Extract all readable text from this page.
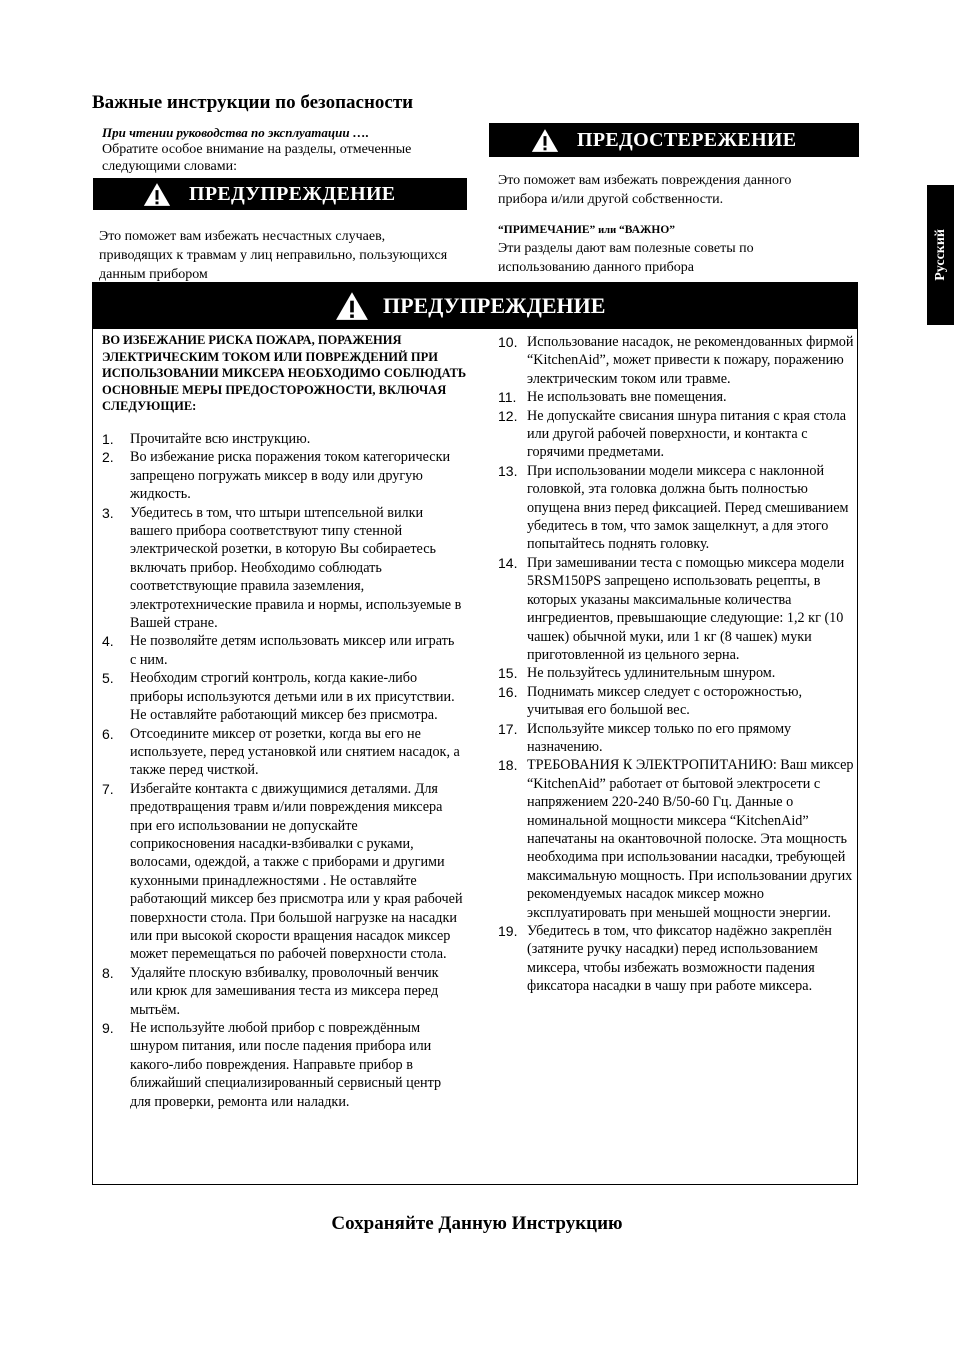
Важные инструкции по безопасности
При чтении руководства по эксплуатации ….
Обратите особое внимание на разделы, отмеченные следующими словами:
ПРЕДУПРЕЖДЕНИЕ
Это поможет вам избежать несчастных случаев, приводящих к травмам у лиц неправильно, пользующихся данным прибором
ПРЕДОСТЕРЕЖЕНИЕ
Это поможет вам избежать повреждения данного прибора и/или другой собственности.
“ПРИМЕЧАНИЕ” или “ВАЖНО”
Эти разделы дают вам полезные советы по использованию данного прибора
ПРЕДУПРЕЖДЕНИЕ
ВО ИЗБЕЖАНИЕ РИСКА ПОЖАРА, ПОРАЖЕНИЯ ЭЛЕКТРИЧЕСКИМ ТОКОМ ИЛИ ПОВРЕЖДЕНИЙ ПРИ ИСПОЛЬЗОВАНИИ МИКСЕРА НЕОБХОДИМО СОБЛЮДАТЬ ОСНОВНЫЕ МЕРЫ ПРЕДОСТОРОЖНОСТИ, ВКЛЮЧАЯ СЛЕДУЮЩИЕ:
1.	Прочитайте всю инструкцию.
2.	Во избежание риска поражения током категорически запрещено погружать миксер в воду или другую жидкость.
3.	Убедитесь в том, что штыри штепсельной вилки вашего прибора соответствуют типу стенной электрической розетки, в которую Вы собираетесь включать прибор. Необходимо соблюдать соответствующие правила заземления, электротехнические правила и нормы, используемые в Вашей стране.
4.	Не позволяйте детям использовать миксер или играть с ним.
5.	Необходим строгий контроль, когда какие-либо приборы используются детьми или в их присутствии. Не оставляйте работающий миксер без присмотра.
6.	Отсоедините миксер от розетки, когда вы его не используете, перед установкой или снятием насадок, а также перед чисткой.
7.	Избегайте контакта с движущимися деталями. Для предотвращения травм и/или повреждения миксера при его использовании не допускайте соприкосновения насадки-взбивалки с руками, волосами, одеждой, а также с приборами и другими кухонными принадлежностями . Не оставляйте работающий миксер без присмотра или у края рабочей поверхности стола. При большой нагрузке на насадки или при высокой скорости вращения насадок миксер может перемещаться по рабочей поверхности стола.
8.	Удаляйте плоскую взбивалку, проволочный венчик или крюк для замешивания теста из миксера перед мытьём.
9.	Не используйте любой прибор с повреждённым шнуром питания, или после падения прибора или какого-либо повреждения. Направьте прибор в ближайший специализированный сервисный центр для проверки, ремонта или наладки.
10. Использование насадок, не рекомендованных фирмой “KitchenAid”, может привести к пожару, поражению электрическим током или травме.
11. Не использовать вне помещения.
12. Не допускайте свисания шнура питания с края стола или другой рабочей поверхности, и контакта с горячими предметами.
13. При использовании модели миксера с наклонной головкой, эта головка должна быть полностью опущена вниз перед фиксацией. Перед смешиванием убедитесь в том, что замок защелкнут, а для этого попытайтесь поднять головку.
14. При замешивании теста с помощью миксера модели 5RSM150PS запрещено использовать рецепты, в которых указаны максимальные количества ингредиентов, превышающие следующие: 1,2 кг (10 чашек) обычной муки, или 1 кг (8 чашек) муки приготовленной из цельного зерна.
15. Не пользуйтесь удлинительным шнуром.
16. Поднимать миксер следует с осторожностью, учитывая его большой вес.
17. Используйте миксер только по его прямому назначению.
18. ТРЕБОВАНИЯ К ЭЛЕКТРОПИТАНИЮ: Ваш миксер “KitchenAid” работает от бытовой электросети с напряжением 220-240 В/50-60 Гц. Данные о номинальной мощности миксера “KitchenAid” напечатаны на окантовочной полоске. Эта мощность необходима при использовании насадки, требующей максимальную мощность. При использовании других рекомендуемых насадок миксер можно эксплуатировать при меньшей мощности энергии.
19. Убедитесь в том, что фиксатор надёжно закреплён (затяните ручку насадки) перед использованием миксера, чтобы избежать возможности падения фиксатора насадки в чашу при работе миксера.
Русский
Сохраняйте Данную Инструкцию
